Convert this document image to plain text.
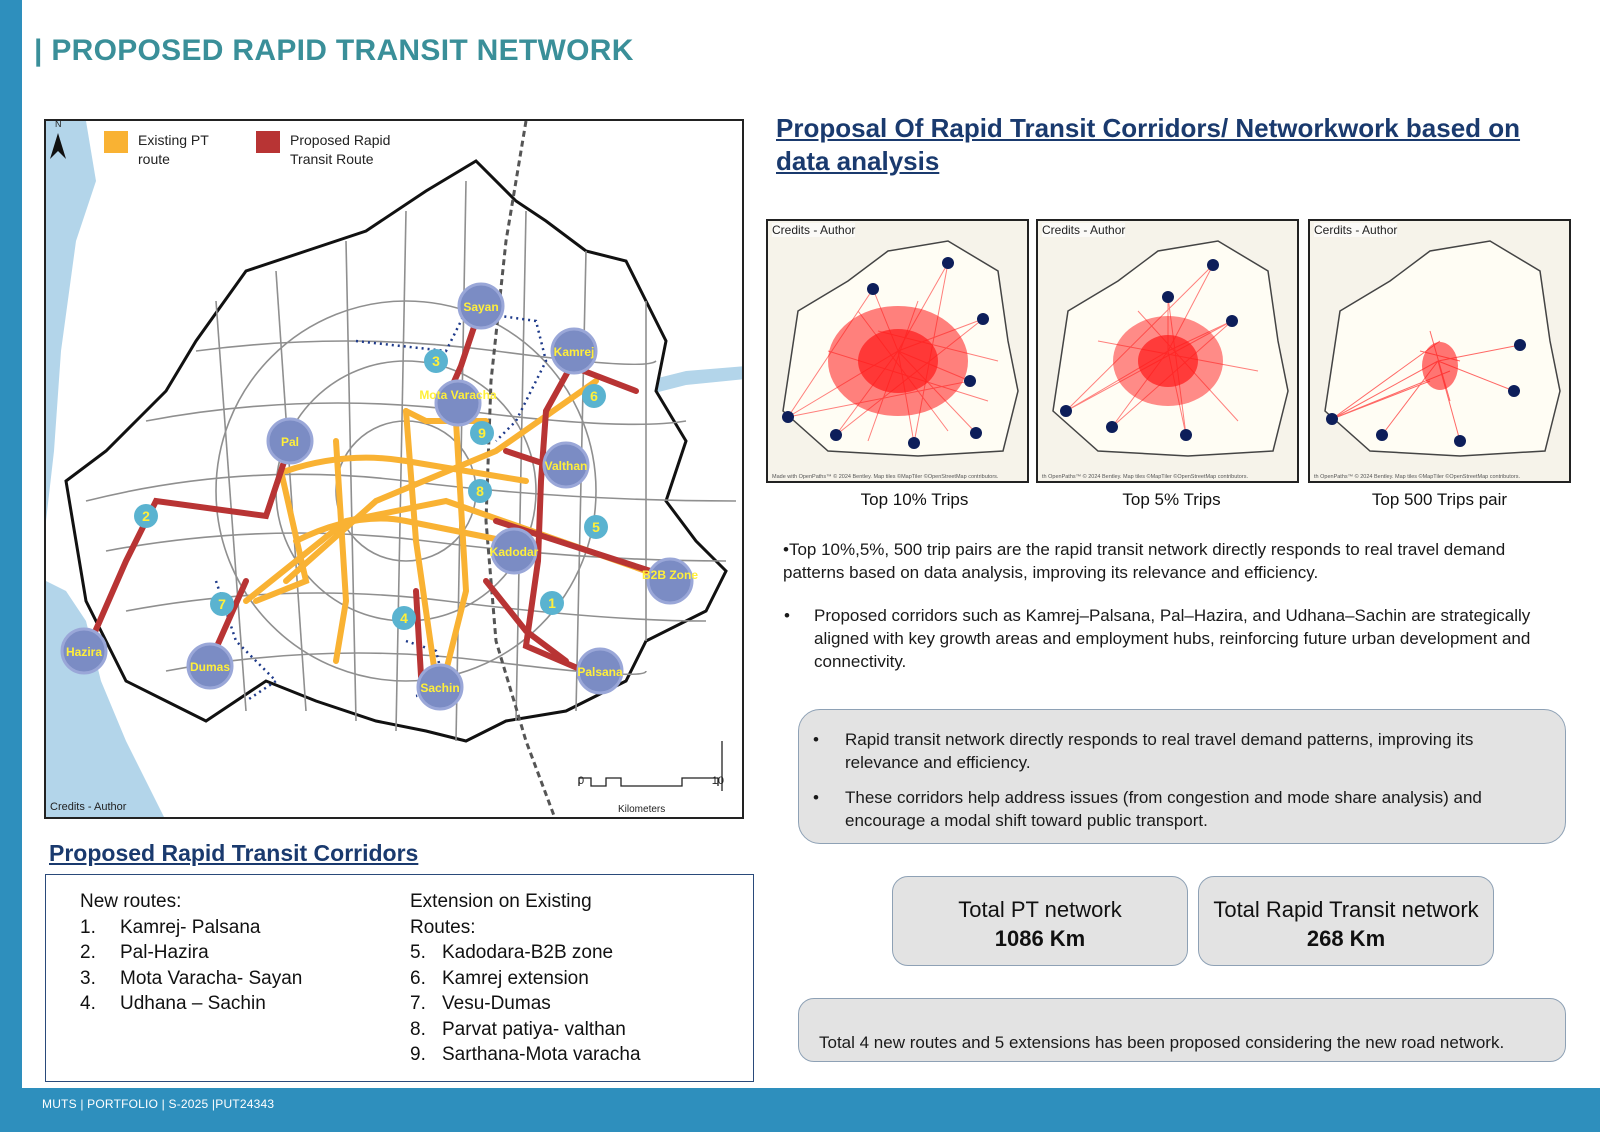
| PROPOSED RAPID TRANSIT NETWORK
1
2
3
4
5
6
7
8
9
Sayan
Kamrej
Mota Varacha
Pal
Valthan
Kadodar
B2B Zone
Hazira
Dumas
Sachin
Palsana
N
Existing PT route
Proposed Rapid Transit Route
0	10
Kilometers
Credits - Author
Proposal Of Rapid Transit Corridors/ Networkwork based on data analysis
Credits - Author
Made with OpenPaths™ © 2024 Bentley. Map tiles ©MapTiler ©OpenStreetMap contributors.
Top 10% Trips
Credits - Author
th OpenPaths™ © 2024 Bentley. Map tiles ©MapTiler ©OpenStreetMap contributors.
Top 5% Trips
Cerdits - Author
th OpenPaths™ © 2024 Bentley. Map tiles ©MapTiler ©OpenStreetMap contributors.
Top 500 Trips pair

•Top 10%,5%, 500 trip pairs are the rapid transit network directly responds to real travel demand patterns based on data analysis, improving its relevance and efficiency.

•	Proposed corridors such as Kamrej–Palsana, Pal–Hazira, and Udhana–Sachin are strategically aligned with key growth areas and employment hubs, reinforcing future urban development and connectivity.
•	Rapid transit network directly responds to real travel demand patterns, improving its relevance and efficiency.
•	These corridors help address issues (from congestion and mode share analysis) and encourage a modal shift toward public transport.
Total PT network
1086 Km
Total Rapid Transit network
268 Km
Total 4 new routes and 5 extensions has been proposed considering the new road network.
Proposed Rapid Transit Corridors
New routes:
1.	Kamrej- Palsana
2.	Pal-Hazira
3.	Mota Varacha- Sayan
4.	Udhana – Sachin
Extension on Existing
Routes:
5. Kadodara-B2B zone
6. Kamrej extension
7. Vesu-Dumas
8. Parvat patiya- valthan
9. Sarthana-Mota varacha
MUTS | PORTFOLIO | S-2025 |PUT24343
